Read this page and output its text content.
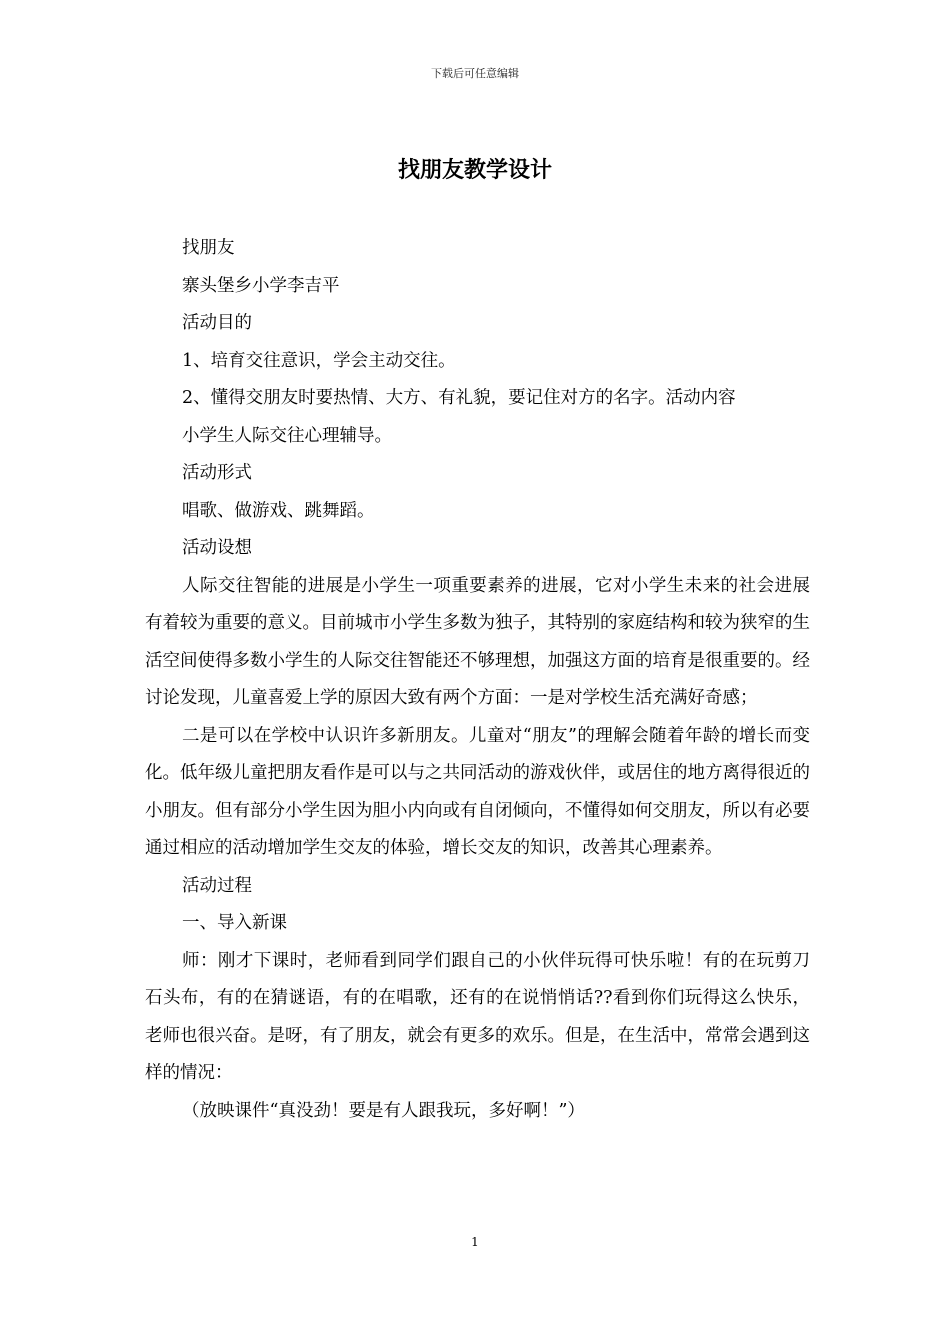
下载后可任意编辑
找朋友教学设计

找朋友

寨头堡乡小学李吉平

活动目的

1、培育交往意识，学会主动交往。

2、懂得交朋友时要热情、大方、有礼貌，要记住对方的名字。活动内容

小学生人际交往心理辅导。

活动形式

唱歌、做游戏、跳舞蹈。

活动设想

人际交往智能的进展是小学生一项重要素养的进展，它对小学生未来的社会进展有着较为重要的意义。目前城市小学生多数为独子，其特别的家庭结构和较为狭窄的生活空间使得多数小学生的人际交往智能还不够理想，加强这方面的培育是很重要的。经讨论发现，儿童喜爱上学的原因大致有两个方面：一是对学校生活充满好奇感；

二是可以在学校中认识许多新朋友。儿童对“朋友”的理解会随着年龄的增长而变化。低年级儿童把朋友看作是可以与之共同活动的游戏伙伴，或居住的地方离得很近的小朋友。但有部分小学生因为胆小内向或有自闭倾向，不懂得如何交朋友，所以有必要通过相应的活动增加学生交友的体验，增长交友的知识，改善其心理素养。

活动过程

一、导入新课

师：刚才下课时，老师看到同学们跟自己的小伙伴玩得可快乐啦！有的在玩剪刀石头布，有的在猜谜语，有的在唱歌，还有的在说悄悄话??看到你们玩得这么快乐，老师也很兴奋。是呀，有了朋友，就会有更多的欢乐。但是，在生活中，常常会遇到这样的情况：

（放映课件“真没劲！要是有人跟我玩，多好啊！”）

1
